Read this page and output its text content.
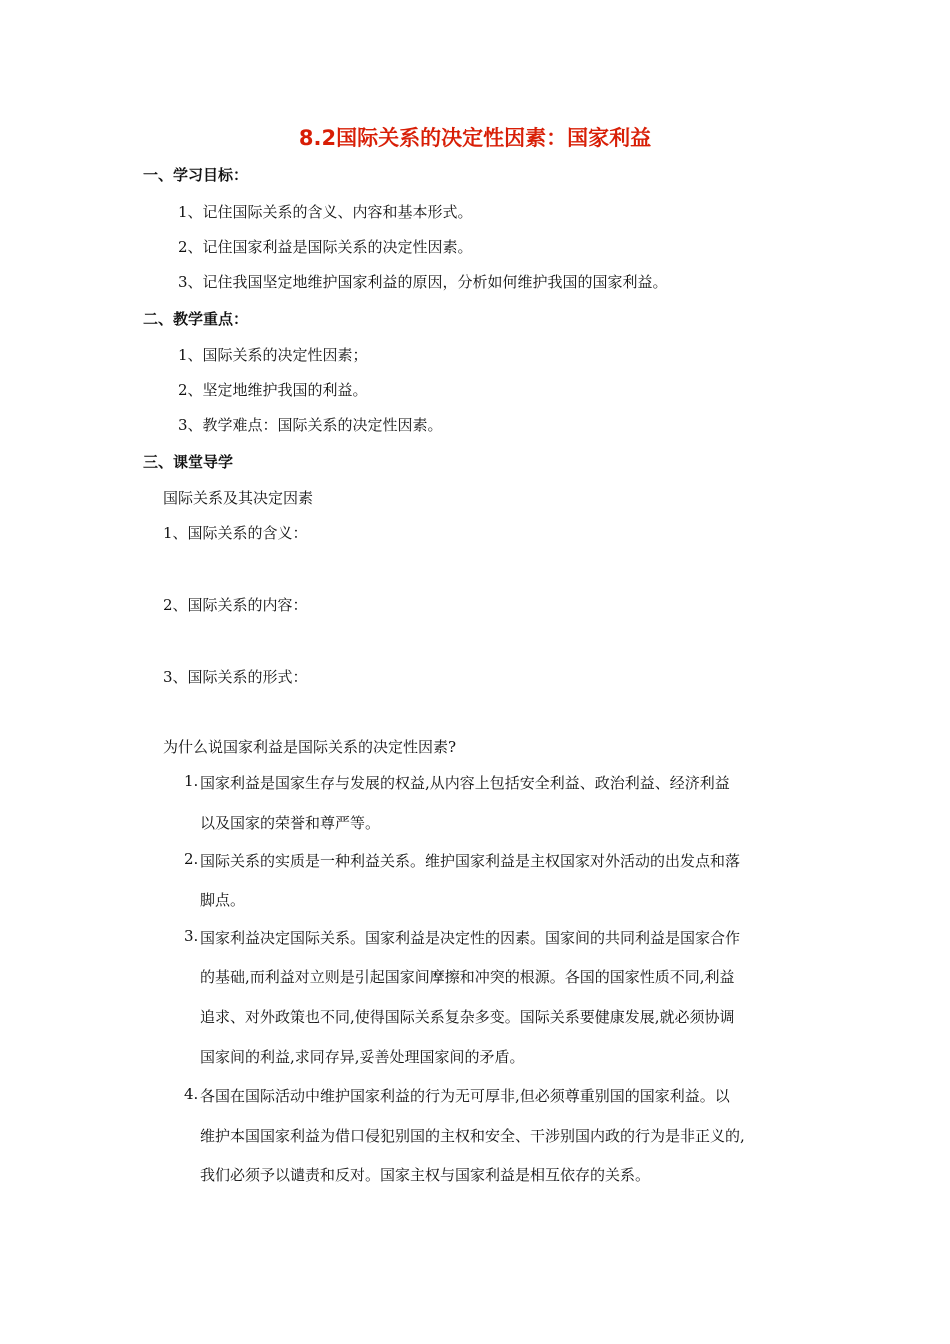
8.2国际关系的决定性因素：国家利益
一、学习目标：
1、记住国际关系的含义、内容和基本形式。
2、记住国家利益是国际关系的决定性因素。
3、记住我国坚定地维护国家利益的原因，分析如何维护我国的国家利益。
二、教学重点：
1、国际关系的决定性因素；
2、坚定地维护我国的利益。
3、教学难点：国际关系的决定性因素。
三、课堂导学
国际关系及其决定因素
1、国际关系的含义：
2、国际关系的内容：
3、国际关系的形式：
为什么说国家利益是国际关系的决定性因素?
1. 国家利益是国家生存与发展的权益,从内容上包括安全利益、政治利益、经济利益
以及国家的荣誉和尊严等。
2. 国际关系的实质是一种利益关系。维护国家利益是主权国家对外活动的出发点和落
脚点。
3. 国家利益决定国际关系。国家利益是决定性的因素。国家间的共同利益是国家合作
的基础,而利益对立则是引起国家间摩擦和冲突的根源。各国的国家性质不同,利益
追求、对外政策也不同,使得国际关系复杂多变。国际关系要健康发展,就必须协调
国家间的利益,求同存异,妥善处理国家间的矛盾。
4. 各国在国际活动中维护国家利益的行为无可厚非,但必须尊重别国的国家利益。以
维护本国国家利益为借口侵犯别国的主权和安全、干涉别国内政的行为是非正义的,
我们必须予以谴责和反对。国家主权与国家利益是相互依存的关系。
